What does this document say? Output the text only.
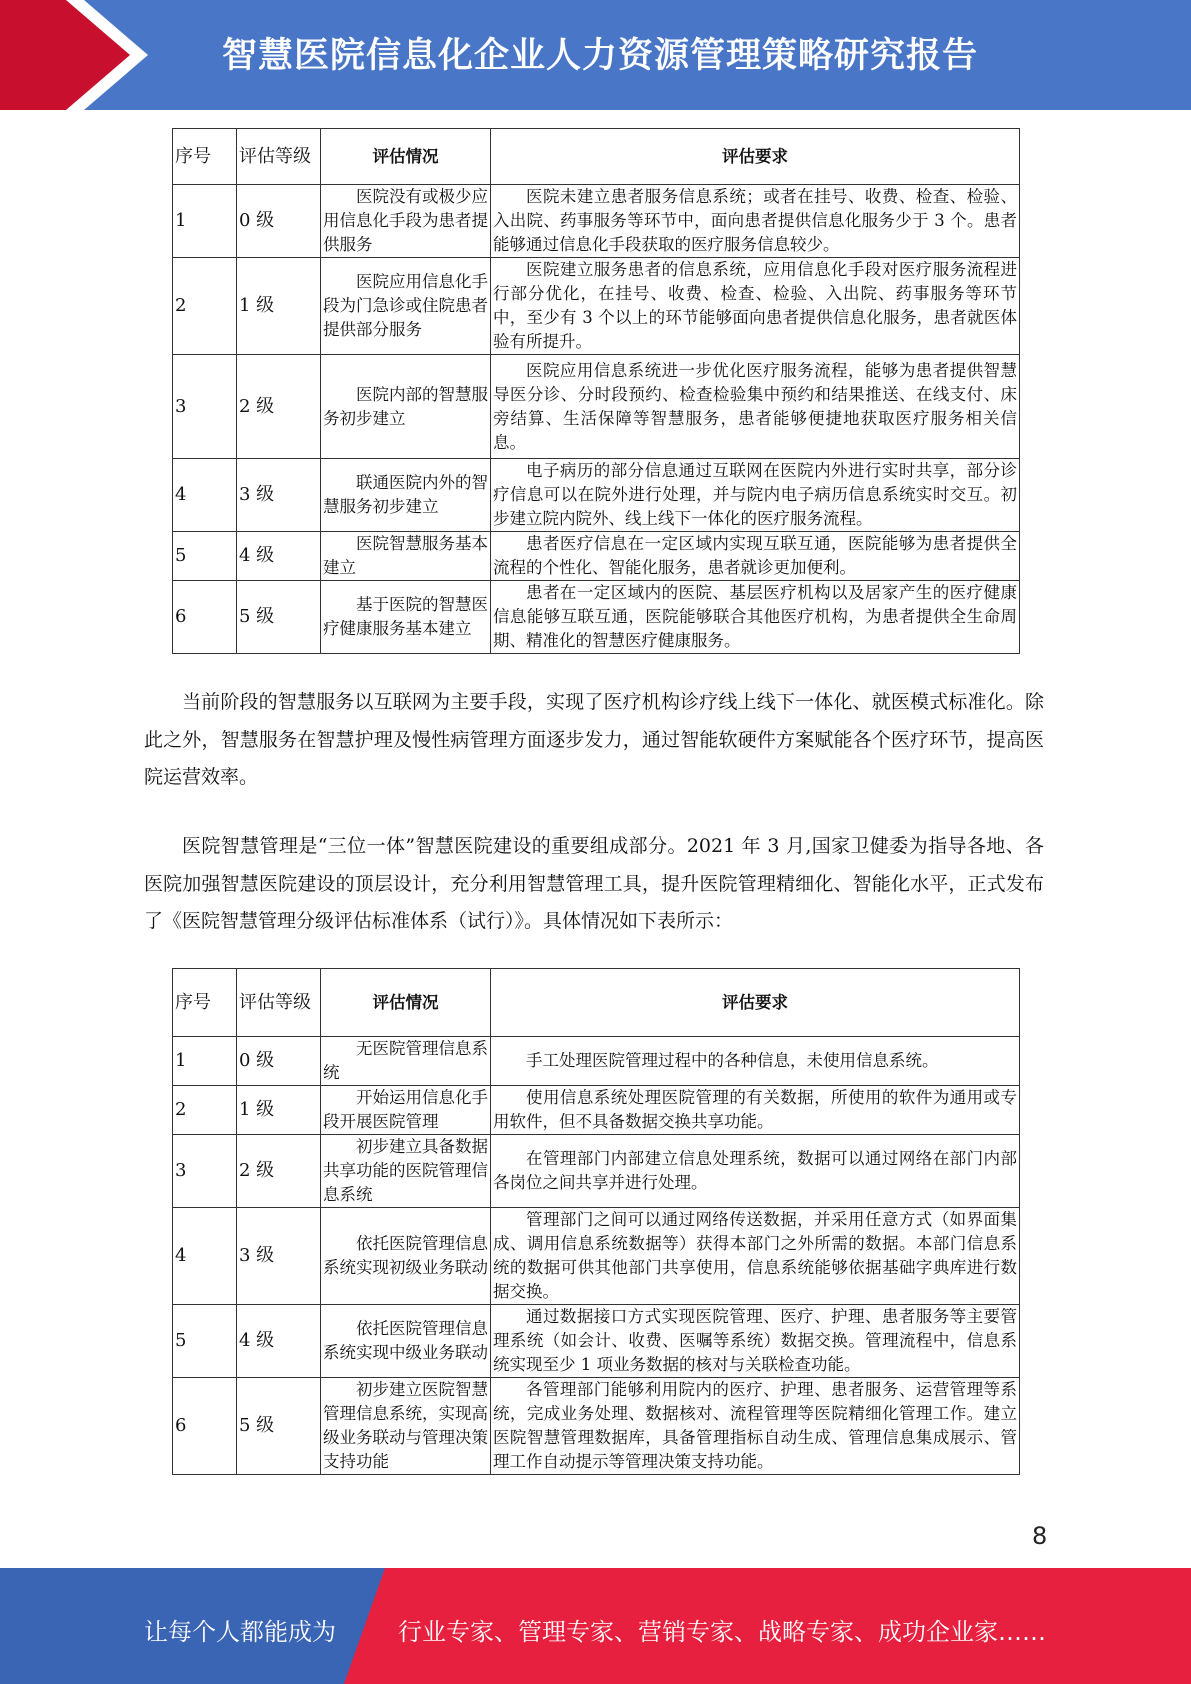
智慧医院信息化企业人力资源管理策略研究报告
序号	评估等级	评估情况	评估要求
1	0 级	医院没有或极少应用信息化手段为患者提供服务	医院未建立患者服务信息系统；或者在挂号、收费、检查、检验、入出院、药事服务等环节中，面向患者提供信息化服务少于 3 个。患者能够通过信息化手段获取的医疗服务信息较少。
2	1 级	医院应用信息化手段为门急诊或住院患者提供部分服务	医院建立服务患者的信息系统，应用信息化手段对医疗服务流程进行部分优化，在挂号、收费、检查、检验、入出院、药事服务等环节中，至少有 3 个以上的环节能够面向患者提供信息化服务，患者就医体验有所提升。
3	2 级	医院内部的智慧服务初步建立	医院应用信息系统进一步优化医疗服务流程，能够为患者提供智慧导医分诊、分时段预约、检查检验集中预约和结果推送、在线支付、床旁结算、生活保障等智慧服务，患者能够便捷地获取医疗服务相关信息。
4	3 级	联通医院内外的智慧服务初步建立	电子病历的部分信息通过互联网在医院内外进行实时共享，部分诊疗信息可以在院外进行处理，并与院内电子病历信息系统实时交互。初步建立院内院外、线上线下一体化的医疗服务流程。
5	4 级	医院智慧服务基本建立	患者医疗信息在一定区域内实现互联互通，医院能够为患者提供全流程的个性化、智能化服务，患者就诊更加便利。
6	5 级	基于医院的智慧医疗健康服务基本建立	患者在一定区域内的医院、基层医疗机构以及居家产生的医疗健康信息能够互联互通，医院能够联合其他医疗机构，为患者提供全生命周期、精准化的智慧医疗健康服务。

当前阶段的智慧服务以互联网为主要手段，实现了医疗机构诊疗线上线下一体化、就医模式标准化。除此之外，智慧服务在智慧护理及慢性病管理方面逐步发力，通过智能软硬件方案赋能各个医疗环节，提高医院运营效率。

医院智慧管理是“三位一体”智慧医院建设的重要组成部分。2021 年 3 月,国家卫健委为指导各地、各医院加强智慧医院建设的顶层设计，充分利用智慧管理工具，提升医院管理精细化、智能化水平，正式发布了《医院智慧管理分级评估标准体系（试行）》。具体情况如下表所示：

序号	评估等级	评估情况	评估要求
1	0 级	无医院管理信息系统	手工处理医院管理过程中的各种信息，未使用信息系统。
2	1 级	开始运用信息化手段开展医院管理	使用信息系统处理医院管理的有关数据，所使用的软件为通用或专用软件，但不具备数据交换共享功能。
3	2 级	初步建立具备数据共享功能的医院管理信息系统	在管理部门内部建立信息处理系统，数据可以通过网络在部门内部各岗位之间共享并进行处理。
4	3 级	依托医院管理信息系统实现初级业务联动	管理部门之间可以通过网络传送数据，并采用任意方式（如界面集成、调用信息系统数据等）获得本部门之外所需的数据。本部门信息系统的数据可供其他部门共享使用，信息系统能够依据基础字典库进行数据交换。
5	4 级	依托医院管理信息系统实现中级业务联动	通过数据接口方式实现医院管理、医疗、护理、患者服务等主要管理系统（如会计、收费、医嘱等系统）数据交换。管理流程中，信息系统实现至少 1 项业务数据的核对与关联检查功能。
6	5 级	初步建立医院智慧管理信息系统，实现高级业务联动与管理决策支持功能	各管理部门能够利用院内的医疗、护理、患者服务、运营管理等系统，完成业务处理、数据核对、流程管理等医院精细化管理工作。建立医院智慧管理数据库，具备管理指标自动生成、管理信息集成展示、管理工作自动提示等管理决策支持功能。
8
让每个人都能成为	行业专家、管理专家、营销专家、战略专家、成功企业家……
